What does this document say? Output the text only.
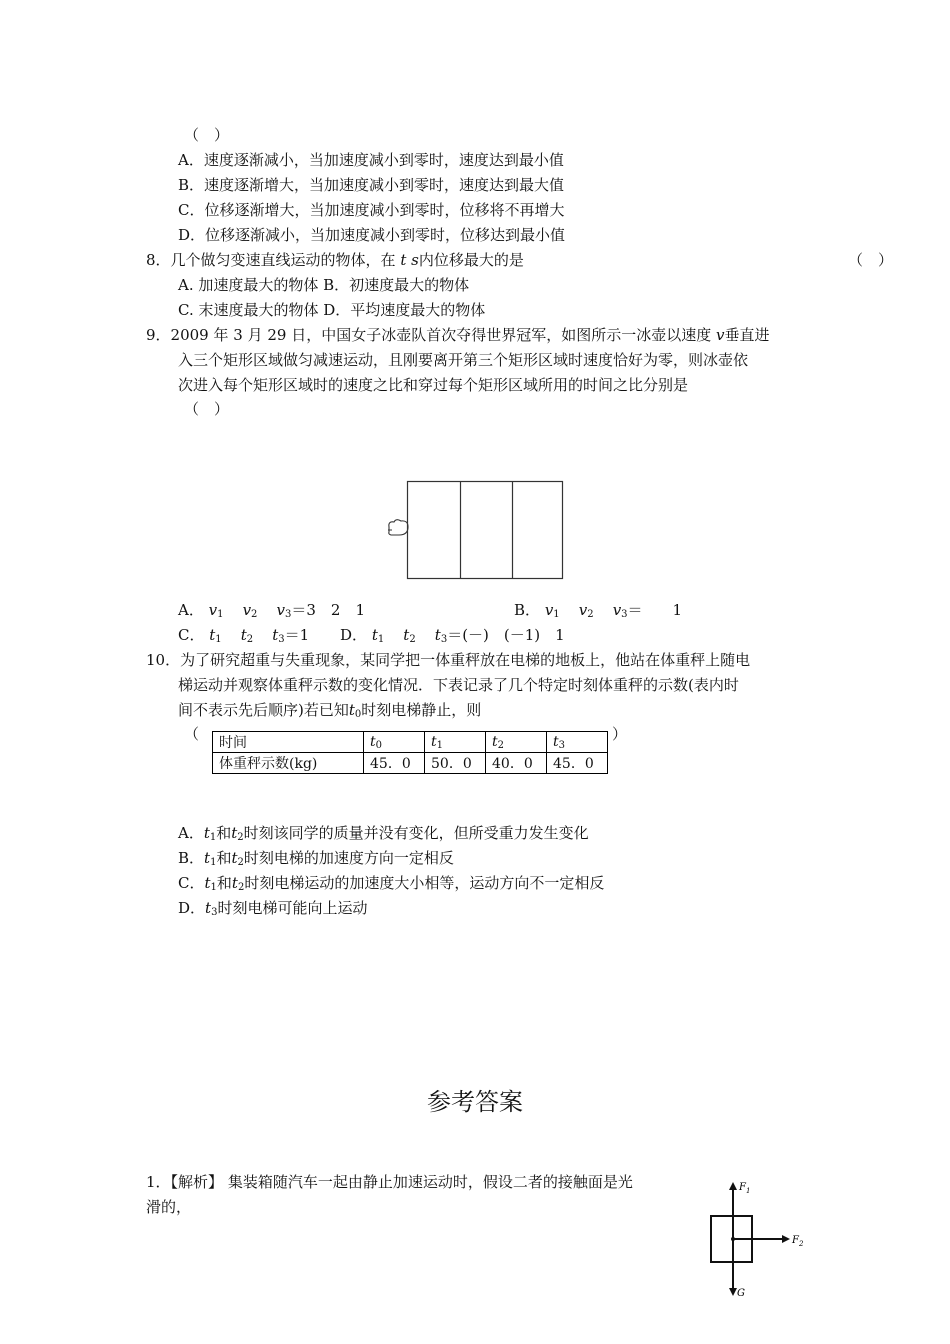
（　）
A．速度逐渐减小，当加速度减小到零时，速度达到最小值
B．速度逐渐增大，当加速度减小到零时，速度达到最大值
C．位移逐渐增大，当加速度减小到零时，位移将不再增大
D．位移逐渐减小，当加速度减小到零时，位移达到最小值
8．几个做匀变速直线运动的物体，在 t s内位移最大的是	（　）
A. 加速度最大的物体 B．初速度最大的物体
C. 末速度最大的物体 D．平均速度最大的物体
9．2009 年 3 月 29 日，中国女子冰壶队首次夺得世界冠军，如图所示一冰壶以速度 v垂直进
入三个矩形区域做匀减速运动，且刚要离开第三个矩形区域时速度恰好为零，则冰壶依
次进入每个矩形区域时的速度之比和穿过每个矩形区域所用的时间之比分别是
（　）
A． $v_1$ $v_2$ $v_3=3$　2　1	B． $v_1$ $v_2$ $v_3=$　　1
C． $t_1$ $t_2$ $t_3=1$ D． $t_1$ $t_2$ $t_3=(-)$　(－1)　1
10．为了研究超重与失重现象，某同学把一体重秤放在电梯的地板上，他站在体重秤上随电
梯运动并观察体重秤示数的变化情况．下表记录了几个特定时刻体重秤的示数(表内时
间不表示先后顺序)若已知$t_0$时刻电梯静止，则
（	）
时间	$t_0$	$t_1$	$t_2$	$t_3$
体重秤示数(kg)	45．0	50．0	40．0	45．0
A．$t_1$和$t_2$时刻该同学的质量并没有变化，但所受重力发生变化
B．$t_1$和$t_2$时刻电梯的加速度方向一定相反
C．$t_1$和$t_2$时刻电梯运动的加速度大小相等，运动方向不一定相反
D．$t_3$时刻电梯可能向上运动
参考答案
1．【解析】 集装箱随汽车一起由静止加速运动时，假设二者的接触面是光
滑的，
$F_1$
$F_2$
G
